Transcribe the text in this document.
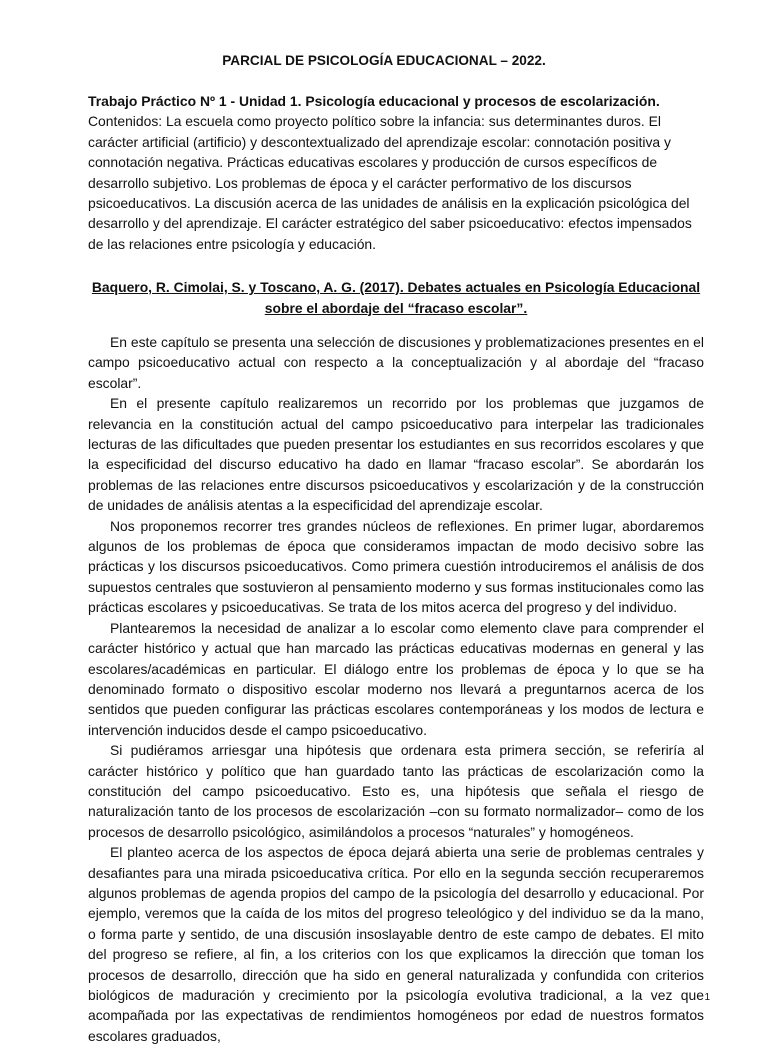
PARCIAL DE PSICOLOGÍA EDUCACIONAL – 2022.

Trabajo Práctico Nº 1 - Unidad 1. Psicología educacional y procesos de escolarización.

Contenidos: La escuela como proyecto político sobre la infancia: sus determinantes duros. El carácter artificial (artificio) y descontextualizado del aprendizaje escolar: connotación positiva y connotación negativa. Prácticas educativas escolares y producción de cursos específicos de desarrollo subjetivo. Los problemas de época y el carácter performativo de los discursos psicoeducativos. La discusión acerca de las unidades de análisis en la explicación psicológica del desarrollo y del aprendizaje. El carácter estratégico del saber psicoeducativo: efectos impensados de las relaciones entre psicología y educación.

Baquero, R. Cimolai, S. y Toscano, A. G. (2017). Debates actuales en Psicología Educacional sobre el abordaje del “fracaso escolar”.

En este capítulo se presenta una selección de discusiones y problematizaciones presentes en el campo psicoeducativo actual con respecto a la conceptualización y al abordaje del “fracaso escolar”.

En el presente capítulo realizaremos un recorrido por los problemas que juzgamos de relevancia en la constitución actual del campo psicoeducativo para interpelar las tradicionales lecturas de las dificultades que pueden presentar los estudiantes en sus recorridos escolares y que la especificidad del discurso educativo ha dado en llamar “fracaso escolar”. Se abordarán los problemas de las relaciones entre discursos psicoeducativos y escolarización y de la construcción de unidades de análisis atentas a la especificidad del aprendizaje escolar.

Nos proponemos recorrer tres grandes núcleos de reflexiones. En primer lugar, abordaremos algunos de los problemas de época que consideramos impactan de modo decisivo sobre las prácticas y los discursos psicoeducativos. Como primera cuestión introduciremos el análisis de dos supuestos centrales que sostuvieron al pensamiento moderno y sus formas institucionales como las prácticas escolares y psicoeducativas. Se trata de los mitos acerca del progreso y del individuo.

Plantearemos la necesidad de analizar a lo escolar como elemento clave para comprender el carácter histórico y actual que han marcado las prácticas educativas modernas en general y las escolares/académicas en particular. El diálogo entre los problemas de época y lo que se ha denominado formato o dispositivo escolar moderno nos llevará a preguntarnos acerca de los sentidos que pueden configurar las prácticas escolares contemporáneas y los modos de lectura e intervención inducidos desde el campo psicoeducativo.

Si pudiéramos arriesgar una hipótesis que ordenara esta primera sección, se referiría al carácter histórico y político que han guardado tanto las prácticas de escolarización como la constitución del campo psicoeducativo. Esto es, una hipótesis que señala el riesgo de naturalización tanto de los procesos de escolarización –con su formato normalizador– como de los procesos de desarrollo psicológico, asimilándolos a procesos “naturales” y homogéneos.

El planteo acerca de los aspectos de época dejará abierta una serie de problemas centrales y desafiantes para una mirada psicoeducativa crítica. Por ello en la segunda sección recuperaremos algunos problemas de agenda propios del campo de la psicología del desarrollo y educacional. Por ejemplo, veremos que la caída de los mitos del progreso teleológico y del individuo se da la mano, o forma parte y sentido, de una discusión insoslayable dentro de este campo de debates. El mito del progreso se refiere, al fin, a los criterios con los que explicamos la dirección que toman los procesos de desarrollo, dirección que ha sido en general naturalizada y confundida con criterios biológicos de maduración y crecimiento por la psicología evolutiva tradicional, a la vez que acompañada por las expectativas de rendimientos homogéneos por edad de nuestros formatos escolares graduados,

1
